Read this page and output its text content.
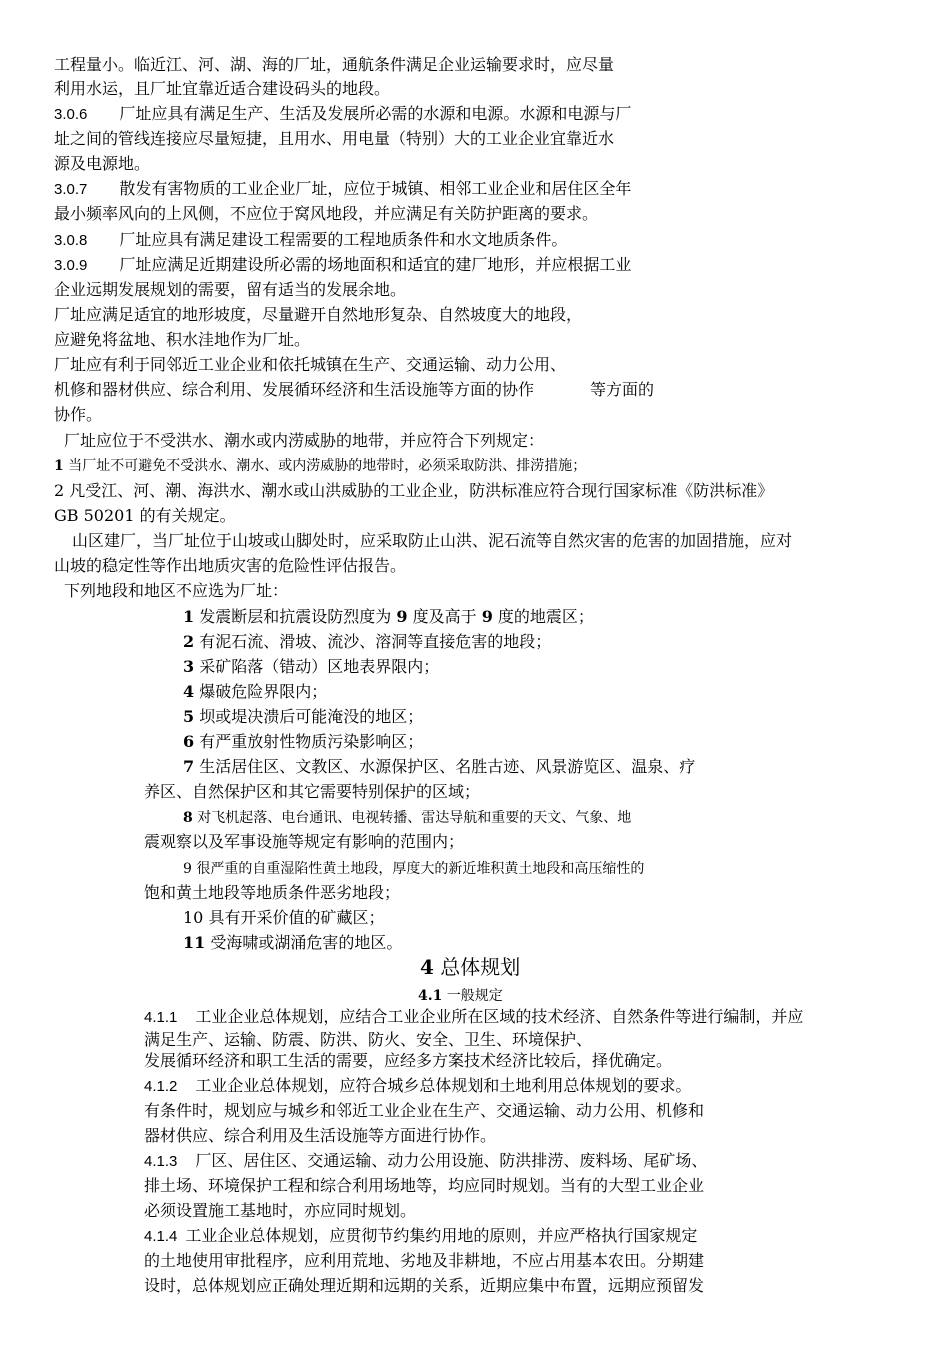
工程量小。临近江、河、湖、海的厂址，通航条件满足企业运输要求时，应尽量
利用水运，且厂址宜靠近适合建设码头的地段。
3.0.6 厂址应具有满足生产、生活及发展所必需的水源和电源。水源和电源与厂
址之间的管线连接应尽量短捷，且用水、用电量（特别）大的工业企业宜靠近水
源及电源地。
3.0.7 散发有害物质的工业企业厂址，应位于城镇、相邻工业企业和居住区全年
最小频率风向的上风侧，不应位于窝风地段，并应满足有关防护距离的要求。
3.0.8 厂址应具有满足建设工程需要的工程地质条件和水文地质条件。
3.0.9 厂址应满足近期建设所必需的场地面积和适宜的建厂地形，并应根据工业
企业远期发展规划的需要，留有适当的发展余地。
厂址应满足适宜的地形坡度，尽量避开自然地形复杂、自然坡度大的地段，
应避免将盆地、积水洼地作为厂址。
厂址应有利于同邻近工业企业和依托城镇在生产、交通运输、动力公用、
机修和器材供应、综合利用、发展循环经济和生活设施等方面的协作	等方面的
协作。
厂址应位于不受洪水、潮水或内涝威胁的地带，并应符合下列规定：
1 当厂址不可避免不受洪水、潮水、或内涝威胁的地带时，必须采取防洪、排涝措施；
2 凡受江、河、潮、海洪水、潮水或山洪威胁的工业企业，防洪标准应符合现行国家标准《防洪标准》
GB 50201 的有关规定。
山区建厂，当厂址位于山坡或山脚处时，应采取防止山洪、泥石流等自然灾害的危害的加固措施，应对
山坡的稳定性等作出地质灾害的危险性评估报告。
下列地段和地区不应选为厂址：
1 发震断层和抗震设防烈度为 9 度及高于 9 度的地震区；
2 有泥石流、滑坡、流沙、溶洞等直接危害的地段；
3 采矿陷落（错动）区地表界限内；
4 爆破危险界限内；
5 坝或堤决溃后可能淹没的地区；
6 有严重放射性物质污染影响区；
7 生活居住区、文教区、水源保护区、名胜古迹、风景游览区、温泉、疗
养区、自然保护区和其它需要特别保护的区域；
8 对飞机起落、电台通讯、电视转播、雷达导航和重要的天文、气象、地
震观察以及军事设施等规定有影响的范围内；
9 很严重的自重湿陷性黄土地段，厚度大的新近堆积黄土地段和高压缩性的
饱和黄土地段等地质条件恶劣地段；
10 具有开采价值的矿藏区；
11 受海啸或湖涌危害的地区。
4 总体规划
4.1 一般规定
4.1.1 工业企业总体规划，应结合工业企业所在区域的技术经济、自然条件等进行编制，并应
满足生产、运输、防震、防洪、防火、安全、卫生、环境保护、
发展循环经济和职工生活的需要，应经多方案技术经济比较后，择优确定。
4.1.2 工业企业总体规划，应符合城乡总体规划和土地利用总体规划的要求。
有条件时，规划应与城乡和邻近工业企业在生产、交通运输、动力公用、机修和
器材供应、综合利用及生活设施等方面进行协作。
4.1.3 厂区、居住区、交通运输、动力公用设施、防洪排涝、废料场、尾矿场、
排土场、环境保护工程和综合利用场地等，均应同时规划。当有的大型工业企业
必须设置施工基地时，亦应同时规划。
4.1.4 工业企业总体规划，应贯彻节约集约用地的原则，并应严格执行国家规定
的土地使用审批程序，应利用荒地、劣地及非耕地，不应占用基本农田。分期建
设时，总体规划应正确处理近期和远期的关系，近期应集中布置，远期应预留发
